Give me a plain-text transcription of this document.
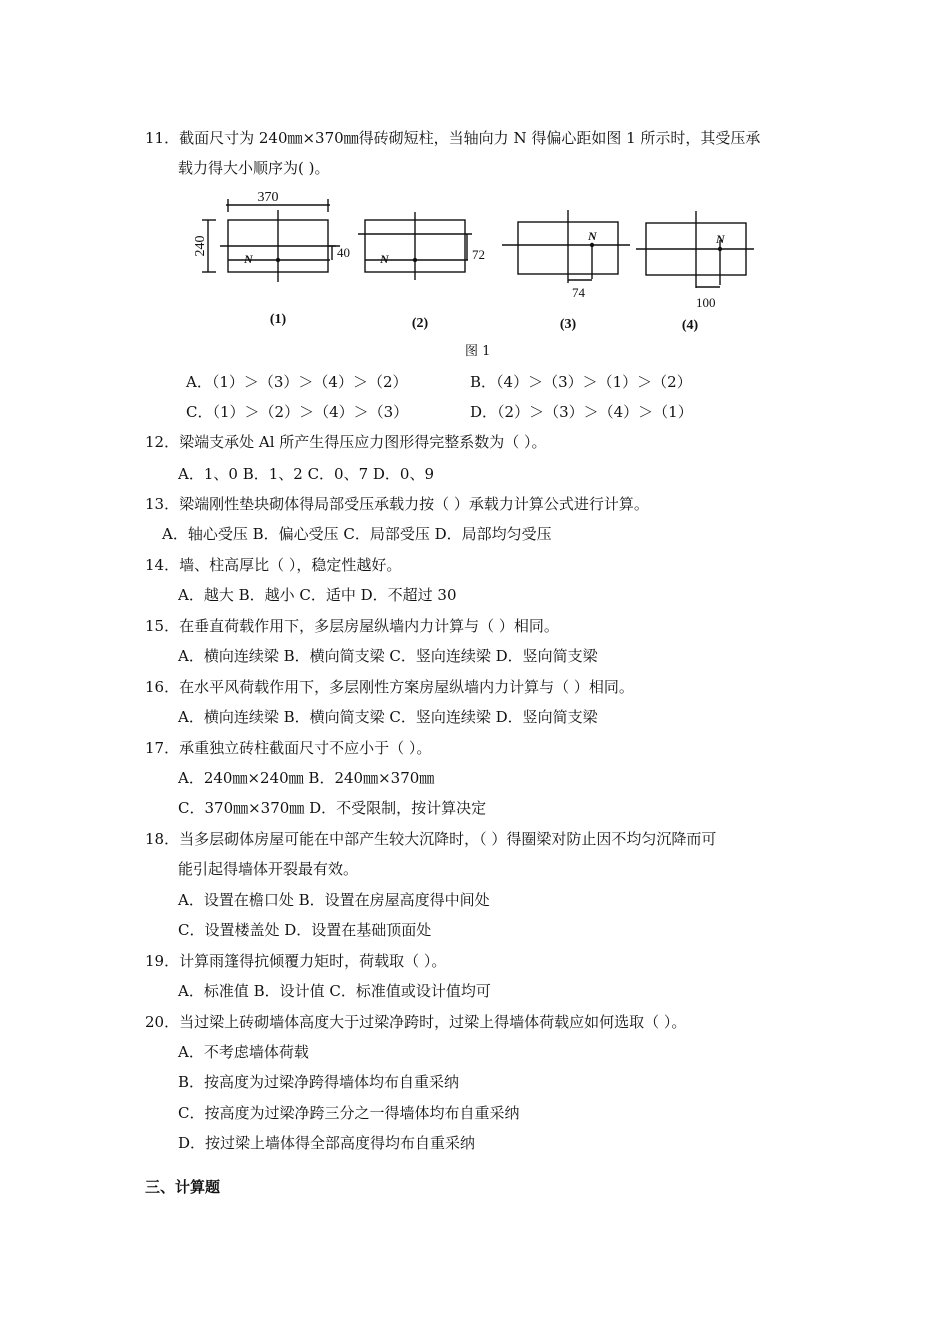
11．截面尺寸为 240㎜×370㎜得砖砌短柱，当轴向力 N 得偏心距如图 1 所示时，其受压承
载力得大小顺序为( )。
370
240	40	72
74
100
N	N
N	N
(1)	(2)	(3)	(4)
图 1
A．（1）＞（3）＞（4）＞（2）	B．（4）＞（3）＞（1）＞（2）
C．（1）＞（2）＞（4）＞（3）	D．（2）＞（3）＞（4）＞（1）
12．梁端支承处 Al 所产生得压应力图形得完整系数为（ ）。
A．1、0 B．1、2 C．0、7 D．0、9
13．梁端刚性垫块砌体得局部受压承载力按（ ）承载力计算公式进行计算。
A．轴心受压 B．偏心受压 C．局部受压 D．局部均匀受压
14．墙、柱高厚比（ ），稳定性越好。
A．越大 B．越小 C．适中 D．不超过 30
15．在垂直荷载作用下，多层房屋纵墙内力计算与（ ）相同。
A．横向连续梁 B．横向简支梁 C．竖向连续梁 D．竖向简支梁
16．在水平风荷载作用下，多层刚性方案房屋纵墙内力计算与（ ）相同。
A．横向连续梁 B．横向简支梁 C．竖向连续梁 D．竖向简支梁
17．承重独立砖柱截面尺寸不应小于（ ）。
A．240㎜×240㎜ B．240㎜×370㎜
C．370㎜×370㎜ D．不受限制，按计算决定
18．当多层砌体房屋可能在中部产生较大沉降时，（ ）得圈梁对防止因不均匀沉降而可
能引起得墙体开裂最有效。
A．设置在檐口处 B．设置在房屋高度得中间处
C．设置楼盖处 D．设置在基础顶面处
19．计算雨篷得抗倾覆力矩时，荷载取（ ）。
A．标准值 B．设计值 C．标准值或设计值均可
20．当过梁上砖砌墙体高度大于过梁净跨时，过梁上得墙体荷载应如何选取（ ）。
A．不考虑墙体荷载
B．按高度为过梁净跨得墙体均布自重采纳
C．按高度为过梁净跨三分之一得墙体均布自重采纳
D．按过梁上墙体得全部高度得均布自重采纳
三、计算题
